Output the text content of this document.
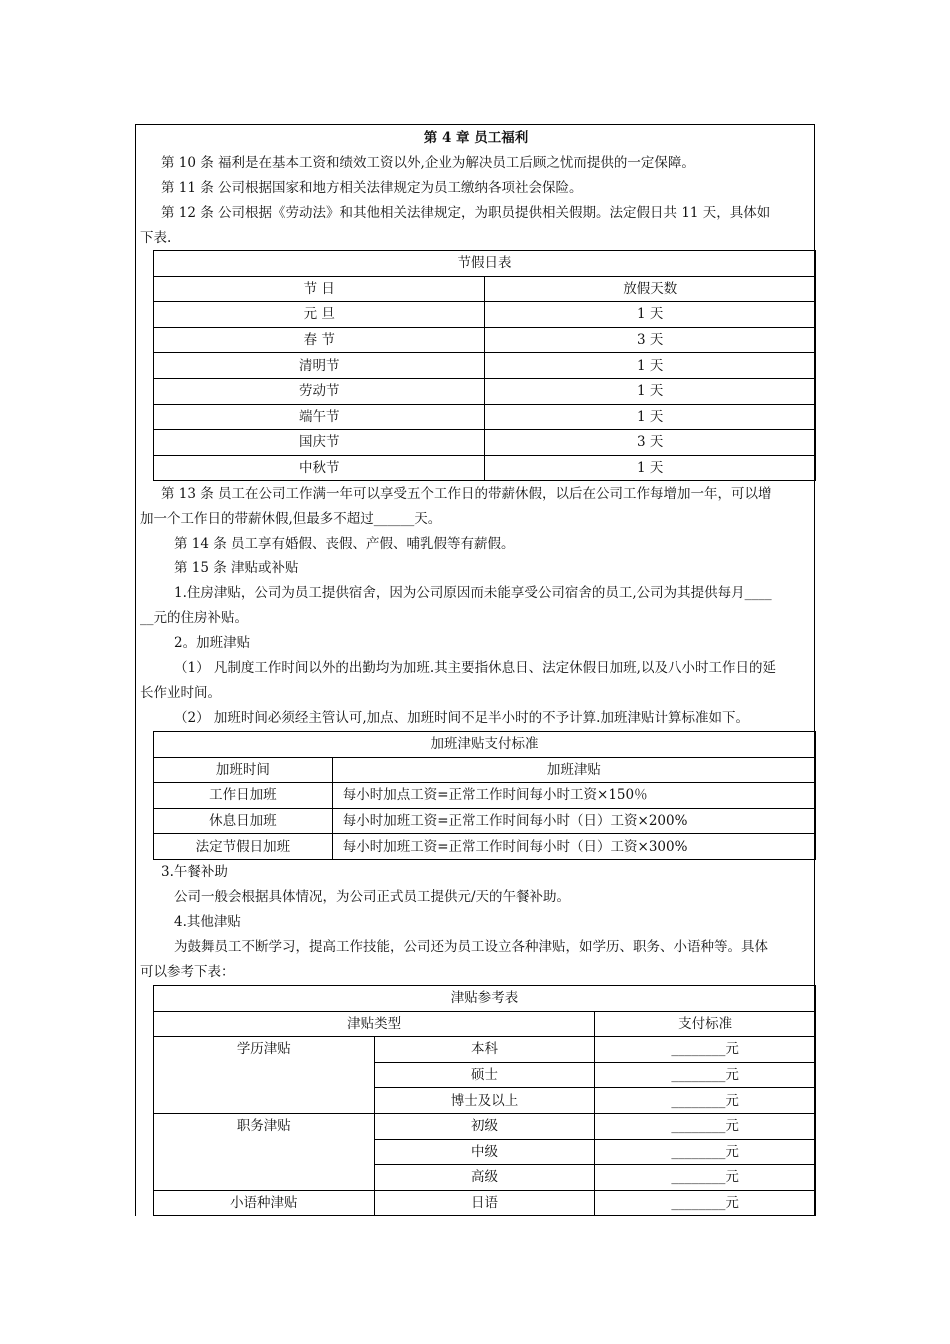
第 4 章 员工福利
第 10 条 福利是在基本工资和绩效工资以外,企业为解决员工后顾之忧而提供的一定保障。
第 11 条 公司根据国家和地方相关法律规定为员工缴纳各项社会保险。
第 12 条 公司根据《劳动法》和其他相关法律规定，为职员提供相关假期。法定假日共 11 天，具体如
下表.
节假日表	
节 日	放假天数
元 旦	1 天
春 节	3 天
清明节	1 天
劳动节	1 天
端午节	1 天
国庆节	3 天
中秋节	1 天
第 13 条 员工在公司工作满一年可以享受五个工作日的带薪休假，以后在公司工作每增加一年，可以增
加一个工作日的带薪休假,但最多不超过______天。
第 14 条 员工享有婚假、丧假、产假、哺乳假等有薪假。
第 15 条 津贴或补贴
1.住房津贴，公司为员工提供宿舍，因为公司原因而未能享受公司宿舍的员工,公司为其提供每月____
__元的住房补贴。
2。加班津贴
（1） 凡制度工作时间以外的出勤均为加班.其主要指休息日、法定休假日加班,以及八小时工作日的延
长作业时间。
（2） 加班时间必须经主管认可,加点、加班时间不足半小时的不予计算.加班津贴计算标准如下。
加班津贴支付标准	
加班时间	加班津贴
工作日加班	每小时加点工资=正常工作时间每小时工资×150％
休息日加班	每小时加班工资=正常工作时间每小时（日）工资×200%
法定节假日加班	每小时加班工资=正常工作时间每小时（日）工资×300%
3.午餐补助
公司一般会根据具体情况，为公司正式员工提供元/天的午餐补助。
4.其他津贴
为鼓舞员工不断学习，提高工作技能，公司还为员工设立各种津贴，如学历、职务、小语种等。具体
可以参考下表：
津贴参考表		
津贴类型		支付标准
学历津贴	本科	________元
	硕士	________元
	博士及以上	________元
职务津贴	初级	________元
	中级	________元
	高级	________元
小语种津贴	日语	________元
